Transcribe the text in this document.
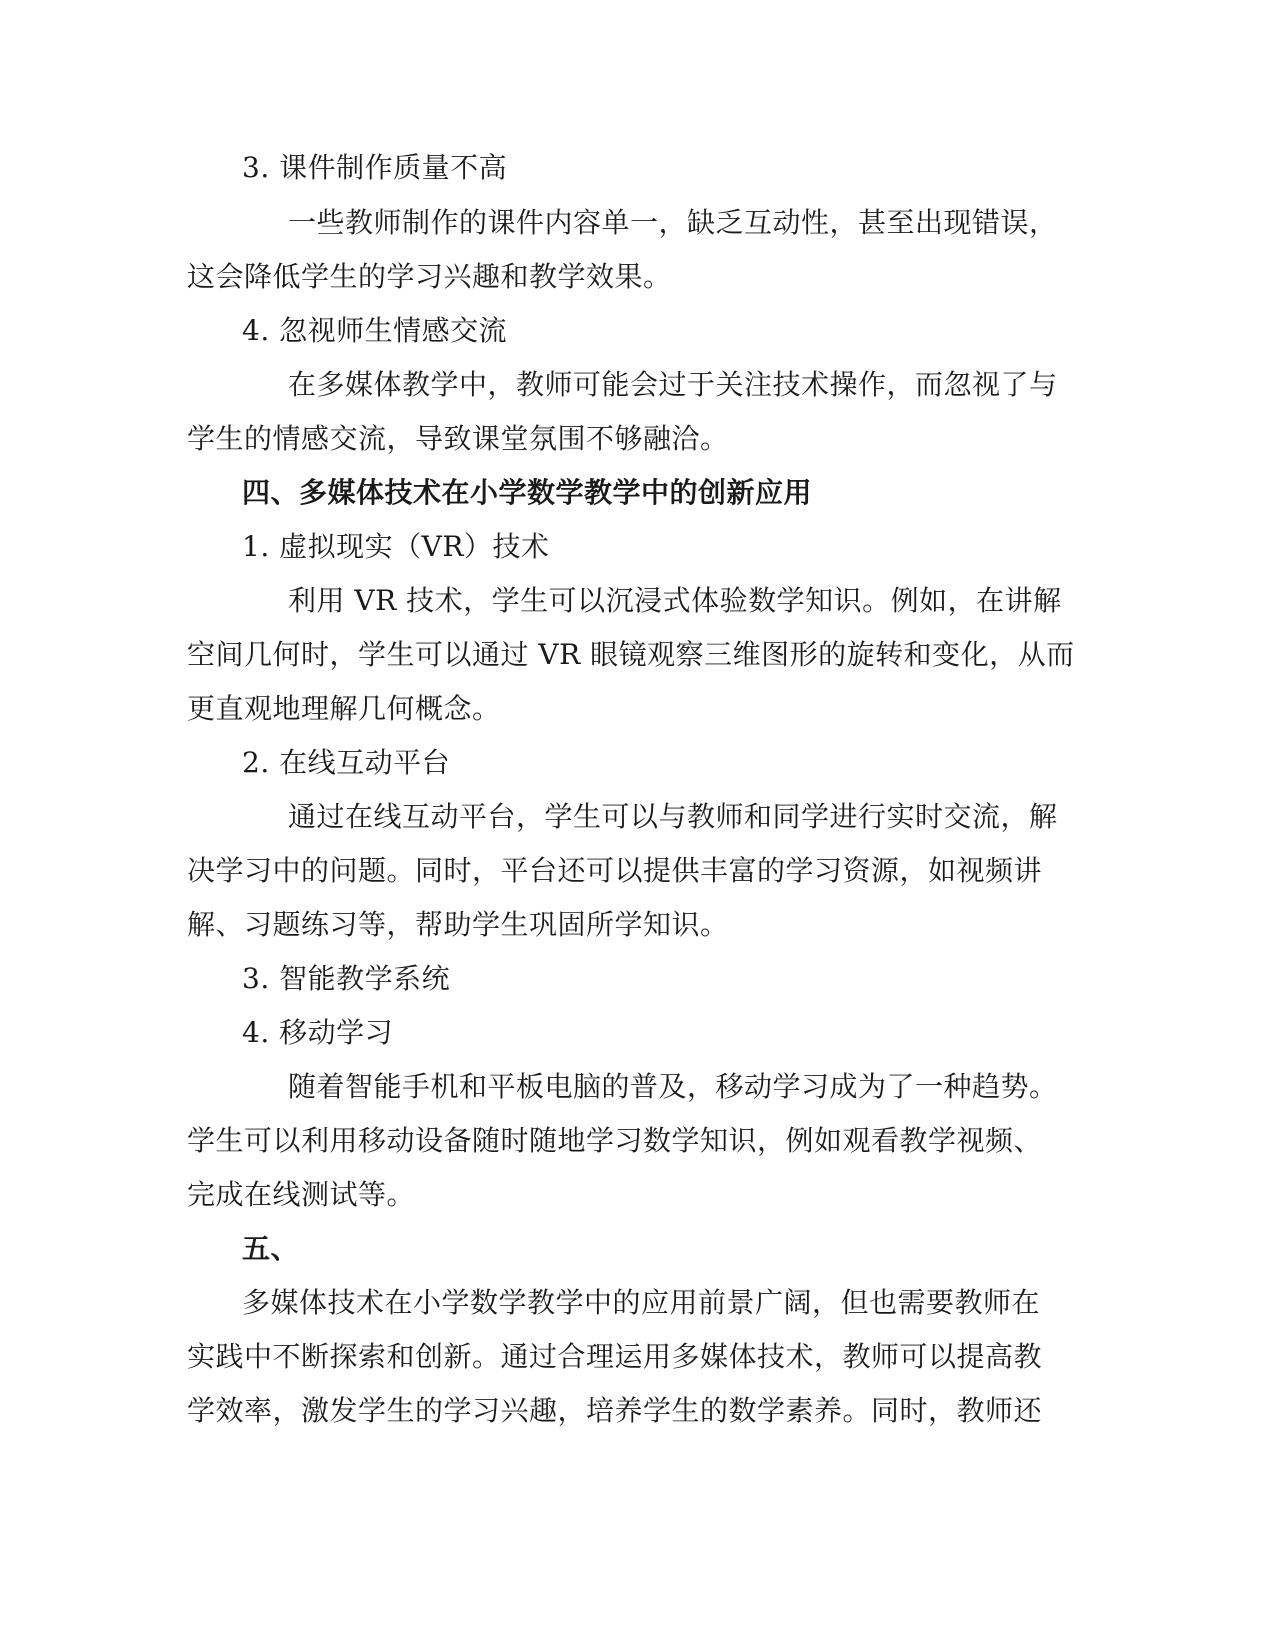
3. 课件制作质量不高
一些教师制作的课件内容单一，缺乏互动性，甚至出现错误，
这会降低学生的学习兴趣和教学效果。
4. 忽视师生情感交流
在多媒体教学中，教师可能会过于关注技术操作，而忽视了与
学生的情感交流，导致课堂氛围不够融洽。
四、多媒体技术在小学数学教学中的创新应用
1. 虚拟现实（VR）技术
利用 VR 技术，学生可以沉浸式体验数学知识。例如，在讲解
空间几何时，学生可以通过 VR 眼镜观察三维图形的旋转和变化，从而
更直观地理解几何概念。
2. 在线互动平台
通过在线互动平台，学生可以与教师和同学进行实时交流，解
决学习中的问题。同时，平台还可以提供丰富的学习资源，如视频讲
解、习题练习等，帮助学生巩固所学知识。
3. 智能教学系统
4. 移动学习
随着智能手机和平板电脑的普及，移动学习成为了一种趋势。
学生可以利用移动设备随时随地学习数学知识，例如观看教学视频、
完成在线测试等。
五、
多媒体技术在小学数学教学中的应用前景广阔，但也需要教师在
实践中不断探索和创新。通过合理运用多媒体技术，教师可以提高教
学效率，激发学生的学习兴趣，培养学生的数学素养。同时，教师还
